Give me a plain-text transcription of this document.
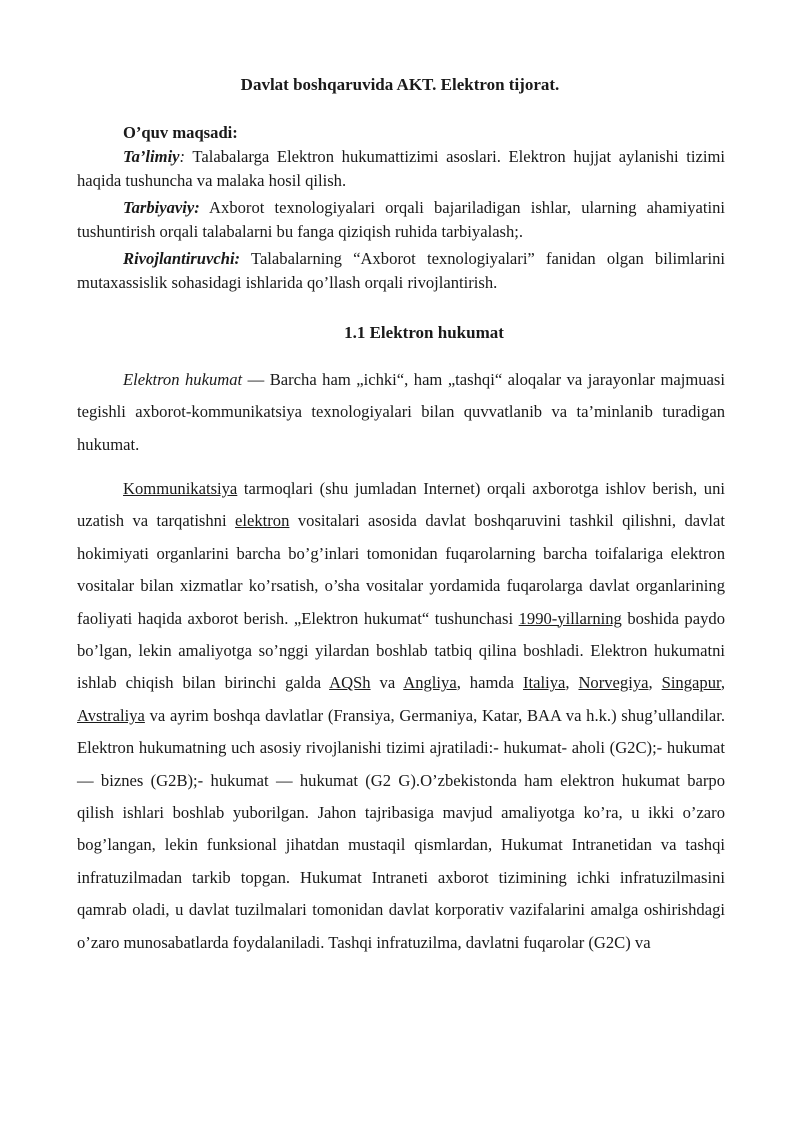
Davlat boshqaruvida AKT. Elektron tijorat.

O’quv maqsadi:

Ta’limiy: Talabalarga Elektron hukumattizimi asoslari. Elektron hujjat aylanishi tizimi haqida tushuncha va malaka hosil qilish.

Tarbiyaviy: Axborot texnologiyalari orqali bajariladigan ishlar, ularning ahamiyatini tushuntirish orqali talabalarni bu fanga qiziqish ruhida tarbiyalash;.

Rivojlantiruvchi: Talabalarning “Axborot texnologiyalari” fanidan olgan bilimlarini mutaxassislik sohasidagi ishlarida qo’llash orqali rivojlantirish.

1.1 Elektron hukumat

Elektron hukumat — Barcha ham „ichki“, ham „tashqi“ aloqalar va jarayonlar majmuasi tegishli axborot-kommunikatsiya texnologiyalari bilan quvvatlanib va ta’minlanib turadigan hukumat.

Kommunikatsiya tarmoqlari (shu jumladan Internet) orqali axborotga ishlov berish, uni uzatish va tarqatishni elektron vositalari asosida davlat boshqaruvini tashkil qilishni, davlat hokimiyati organlarini barcha bo’g’inlari tomonidan fuqarolarning barcha toifalariga elektron vositalar bilan xizmatlar ko’rsatish, o’sha vositalar yordamida fuqarolarga davlat organlarining faoliyati haqida axborot berish. „Elektron hukumat“ tushunchasi 1990-yillarning boshida paydo bo’lgan, lekin amaliyotga so’nggi yilardan boshlab tatbiq qilina boshladi. Elektron hukumatni ishlab chiqish bilan birinchi galda AQSh va Angliya, hamda Italiya, Norvegiya, Singapur, Avstraliya va ayrim boshqa davlatlar (Fransiya, Germaniya, Katar, BAA va h.k.) shug’ullandilar. Elektron hukumatning uch asosiy rivojlanishi tizimi ajratiladi:- hukumat- aholi (G2C);- hukumat — biznes (G2B);- hukumat — hukumat (G2 G).O’zbekistonda ham elektron hukumat barpo qilish ishlari boshlab yuborilgan. Jahon tajribasiga mavjud amaliyotga ko’ra, u ikki o’zaro bog’langan, lekin funksional jihatdan mustaqil qismlardan, Hukumat Intranetidan va tashqi infratuzilmadan tarkib topgan. Hukumat Intraneti axborot tizimining ichki infratuzilmasini qamrab oladi, u davlat tuzilmalari tomonidan davlat korporativ vazifalarini amalga oshirishdagi o’zaro munosabatlarda foydalaniladi. Tashqi infratuzilma, davlatni fuqarolar (G2C) va
